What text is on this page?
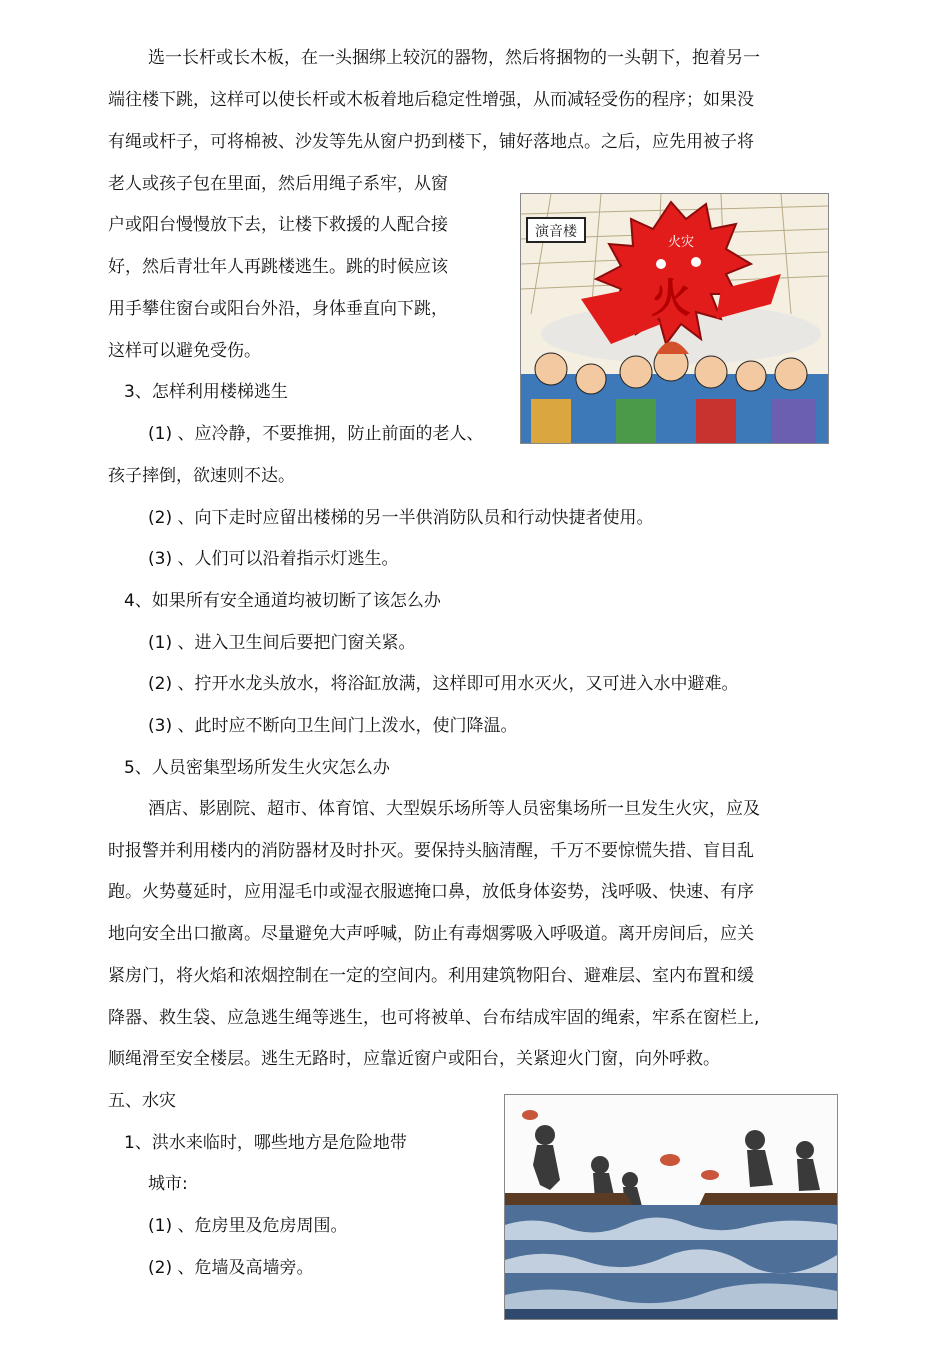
选一长杆或长木板，在一头捆绑上较沉的器物，然后将捆物的一头朝下，抱着另一
端往楼下跳，这样可以使长杆或木板着地后稳定性增强，从而减轻受伤的程序；如果没
有绳或杆子，可将棉被、沙发等先从窗户扔到楼下，铺好落地点。之后，应先用被子将
老人或孩子包在里面，然后用绳子系牢，从窗
户或阳台慢慢放下去，让楼下救援的人配合接
好，然后青壮年人再跳楼逃生。跳的时候应该
用手攀住窗台或阳台外沿，身体垂直向下跳，
这样可以避免受伤。
3、怎样利用楼梯逃生
(1) 、应冷静，不要推拥，防止前面的老人、
孩子摔倒，欲速则不达。
(2) 、向下走时应留出楼梯的另一半供消防队员和行动快捷者使用。
(3) 、人们可以沿着指示灯逃生。
4、如果所有安全通道均被切断了该怎么办
(1) 、进入卫生间后要把门窗关紧。
(2) 、拧开水龙头放水，将浴缸放满，这样即可用水灭火，又可进入水中避难。
(3) 、此时应不断向卫生间门上泼水，使门降温。
5、人员密集型场所发生火灾怎么办
酒店、影剧院、超市、体育馆、大型娱乐场所等人员密集场所一旦发生火灾，应及
时报警并利用楼内的消防器材及时扑灭。要保持头脑清醒，千万不要惊慌失措、盲目乱
跑。火势蔓延时，应用湿毛巾或湿衣服遮掩口鼻，放低身体姿势，浅呼吸、快速、有序
地向安全出口撤离。尽量避免大声呼喊，防止有毒烟雾吸入呼吸道。离开房间后，应关
紧房门，将火焰和浓烟控制在一定的空间内。利用建筑物阳台、避难层、室内布置和缓
降器、救生袋、应急逃生绳等逃生，也可将被单、台布结成牢固的绳索，牢系在窗栏上,
顺绳滑至安全楼层。逃生无路时，应靠近窗户或阳台，关紧迎火门窗，向外呼救。
五、水灾
1、洪水来临时，哪些地方是危险地带
城市:
(1) 、危房里及危房周围。
(2) 、危墙及高墙旁。
演音楼
火灾
火
